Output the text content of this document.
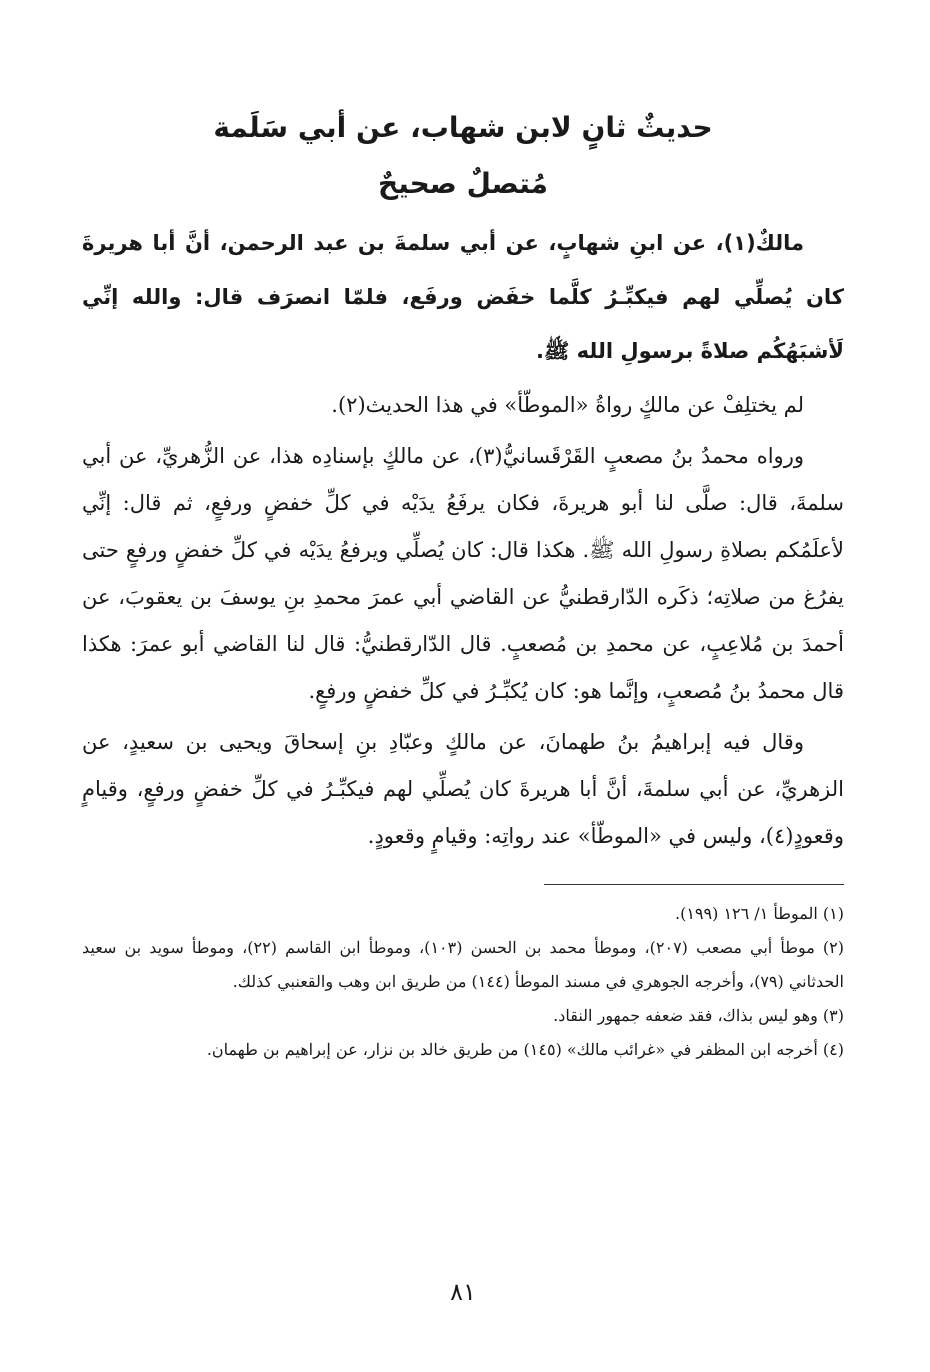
حديثٌ ثانٍ لابن شهاب، عن أبي سَلَمة
مُتصلٌ صحيحٌ

مالكٌ(١)، عن ابنِ شهابٍ، عن أبي سلمةَ بن عبد الرحمن، أنَّ أبا هريرةَ كان يُصلِّي لهم فيكبِّـرُ كلَّما خفَض ورفَع، فلمّا انصرَف قال: والله إنِّي لَأشبَهُكُم صلاةً برسولِ الله ﷺ.

لم يختلِفْ عن مالكٍ رواةُ «الموطّأ» في هذا الحديث(٢).

ورواه محمدُ بنُ مصعبٍ القَرْقَسانيُّ(٣)، عن مالكٍ بإسنادِه هذا، عن الزُّهريِّ، عن أبي سلمةَ، قال: صلَّى لنا أبو هريرةَ، فكان يرفَعُ يدَيْه في كلِّ خفضٍ ورفعٍ، ثم قال: إنِّي لأعلَمُكم بصلاةِ رسولِ الله ﷺ. هكذا قال: كان يُصلِّي ويرفعُ يدَيْه في كلِّ خفضٍ ورفعٍ حتى يفرُغ من صلاتِه؛ ذكَره الدّارقطنيُّ عن القاضي أبي عمرَ محمدِ بنِ يوسفَ بن يعقوبَ، عن أحمدَ بن مُلاعِبٍ، عن محمدِ بن مُصعبٍ. قال الدّارقطنيُّ: قال لنا القاضي أبو عمرَ: هكذا قال محمدُ بنُ مُصعبٍ، وإنَّما هو: كان يُكبِّـرُ في كلِّ خفضٍ ورفعٍ.

وقال فيه إبراهيمُ بنُ طهمانَ، عن مالكٍ وعبّادِ بنِ إسحاقَ ويحيى بن سعيدٍ، عن الزهريِّ، عن أبي سلمةَ، أنَّ أبا هريرةَ كان يُصلِّي لهم فيكبِّـرُ في كلِّ خفضٍ ورفعٍ، وقيامٍ وقعودٍ(٤)، وليس في «الموطّأ» عند رواتِه: وقيامٍ وقعودٍ.

(١) الموطأ ١/ ١٢٦ (١٩٩).
(٢) موطأ أبي مصعب (٢٠٧)، وموطأ محمد بن الحسن (١٠٣)، وموطأ ابن القاسم (٢٢)، وموطأ سويد بن سعيد الحدثاني (٧٩)، وأخرجه الجوهري في مسند الموطأ (١٤٤) من طريق ابن وهب والقعنبي كذلك.
(٣) وهو ليس بذاك، فقد ضعفه جمهور النقاد.
(٤) أخرجه ابن المظفر في «غرائب مالك» (١٤٥) من طريق خالد بن نزار، عن إبراهيم بن طهمان.
٨١
